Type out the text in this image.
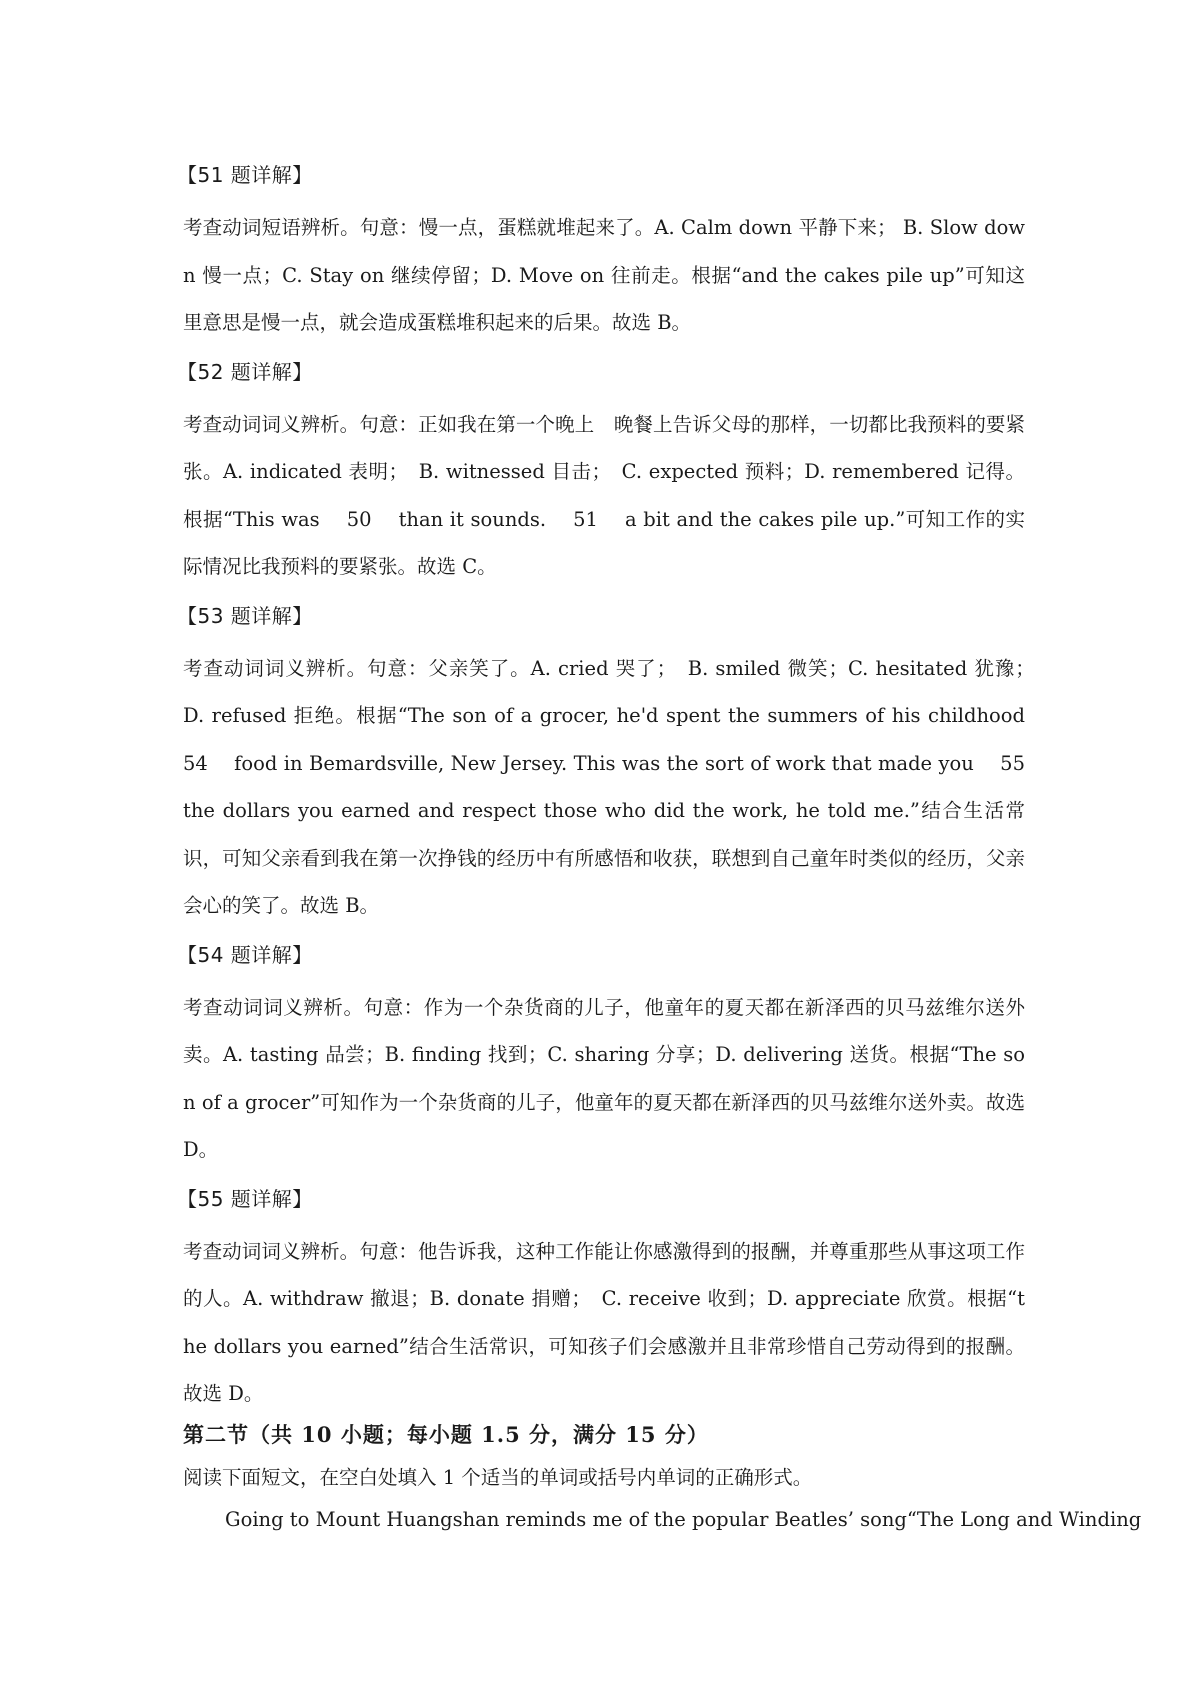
【51 题详解】

考查动词短语辨析。句意：慢一点，蛋糕就堆起来了。A. Calm down 平静下来； B. Slow down 慢一点；C. Stay on 继续停留；D. Move on 往前走。根据“and the cakes pile up”可知这里意思是慢一点，就会造成蛋糕堆积起来的后果。故选 B。

【52 题详解】

考查动词词义辨析。句意：正如我在第一个晚上　晚餐上告诉父母的那样，一切都比我预料的要紧张。A. indicated 表明；　B. witnessed 目击；　C. expected 预料；D. remembered 记得。根据“This was　 50　 than it sounds.　 51　 a bit and the cakes pile up.”可知工作的实际情况比我预料的要紧张。故选 C。

【53 题详解】

考查动词词义辨析。句意：父亲笑了。A. cried 哭了；　B. smiled 微笑；C. hesitated 犹豫；　D. refused 拒绝。根据“The son of a grocer, he'd spent the summers of his childhood　 54　 food in Bemardsville, New Jersey. This was the sort of work that made you　 55　 the dollars you earned and respect those who did the work, he told me.”结合生活常识，可知父亲看到我在第一次挣钱的经历中有所感悟和收获，联想到自己童年时类似的经历，父亲会心的笑了。故选 B。

【54 题详解】

考查动词词义辨析。句意：作为一个杂货商的儿子，他童年的夏天都在新泽西的贝马兹维尔送外卖。A. tasting 品尝；B. finding 找到；C. sharing 分享；D. delivering 送货。根据“The son of a grocer”可知作为一个杂货商的儿子，他童年的夏天都在新泽西的贝马兹维尔送外卖。故选 D。

【55 题详解】

考查动词词义辨析。句意：他告诉我，这种工作能让你感激得到的报酬，并尊重那些从事这项工作的人。A. withdraw 撤退；B. donate 捐赠；　C. receive 收到；D. appreciate 欣赏。根据“the dollars you earned”结合生活常识，可知孩子们会感激并且非常珍惜自己劳动得到的报酬。故选 D。

第二节（共 10 小题；每小题 1.5 分，满分 15 分）
阅读下面短文，在空白处填入 1 个适当的单词或括号内单词的正确形式。

Going to Mount Huangshan reminds me of the popular Beatles’ song“The Long and Winding
